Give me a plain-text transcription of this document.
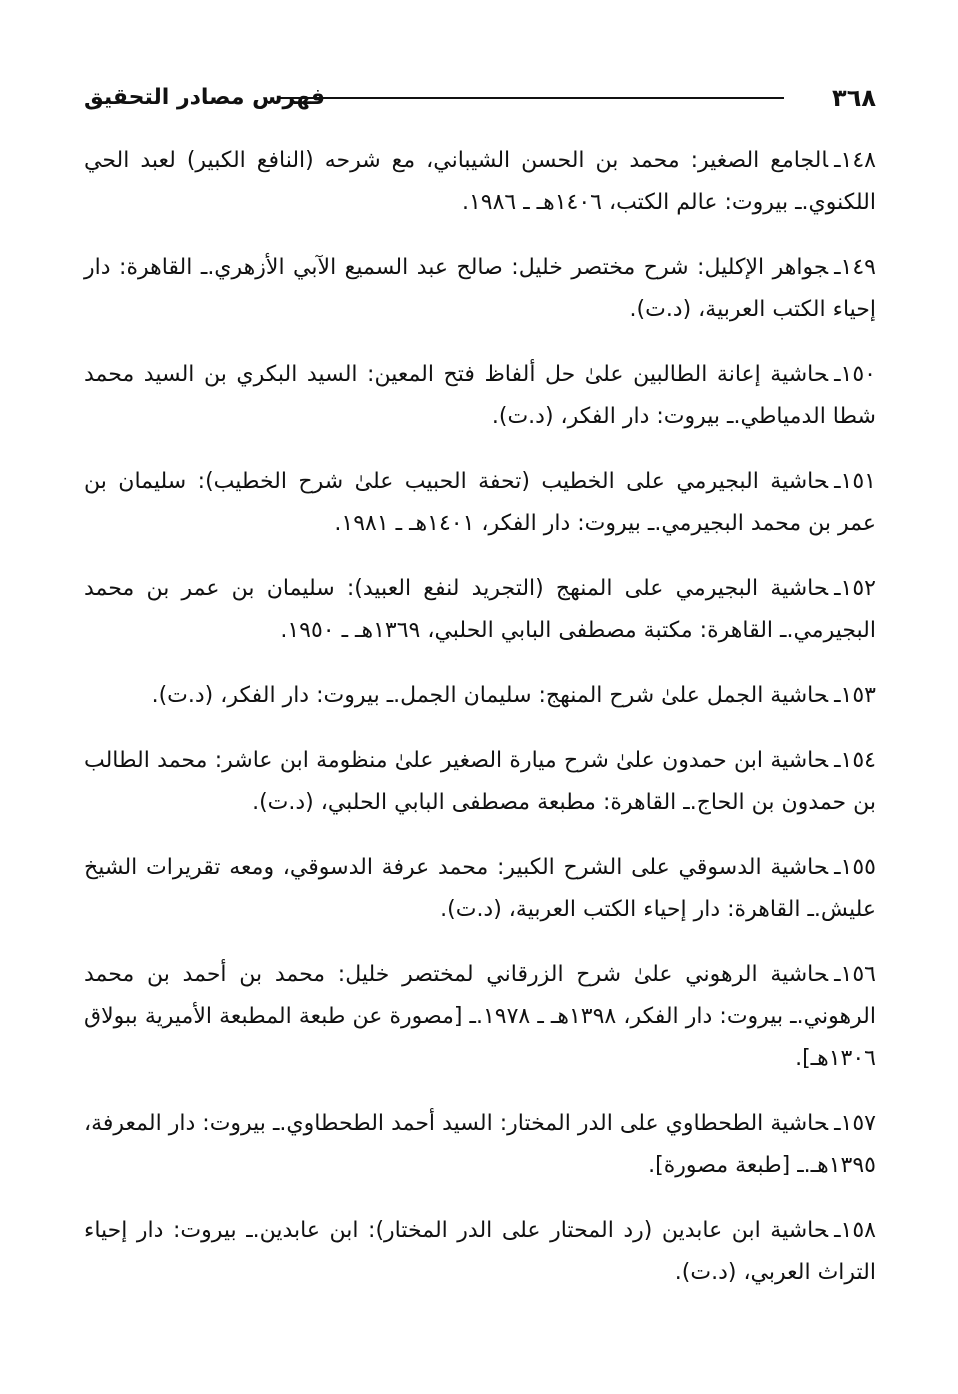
٣٦٨
فهرس مصادر التحقيق

١٤٨ـالجامع الصغير: محمد بن الحسن الشيباني، مع شرحه (النافع الكبير) لعبد الحي اللكنوي.ـ بيروت: عالم الكتب، ١٤٠٦هـ ـ ١٩٨٦.

١٤٩ـجواهر الإكليل: شرح مختصر خليل: صالح عبد السميع الآبي الأزهري.ـ القاهرة: دار إحياء الكتب العربية، (د.ت).

١٥٠ـحاشية إعانة الطالبين علىٰ حل ألفاظ فتح المعين: السيد البكري بن السيد محمد شطا الدمياطي.ـ بيروت: دار الفكر، (د.ت).

١٥١ـحاشية البجيرمي على الخطيب (تحفة الحبيب علىٰ شرح الخطيب): سليمان بن عمر بن محمد البجيرمي.ـ بيروت: دار الفكر، ١٤٠١هـ ـ ١٩٨١.

١٥٢ـحاشية البجيرمي على المنهج (التجريد لنفع العبيد): سليمان بن عمر بن محمد البجيرمي.ـ القاهرة: مكتبة مصطفى البابي الحلبي، ١٣٦٩هـ ـ ١٩٥٠.

١٥٣ـحاشية الجمل علىٰ شرح المنهج: سليمان الجمل.ـ بيروت: دار الفكر، (د.ت).

١٥٤ـحاشية ابن حمدون علىٰ شرح ميارة الصغير علىٰ منظومة ابن عاشر: محمد الطالب بن حمدون بن الحاج.ـ القاهرة: مطبعة مصطفى البابي الحلبي، (د.ت).

١٥٥ـحاشية الدسوقي على الشرح الكبير: محمد عرفة الدسوقي، ومعه تقريرات الشيخ عليش.ـ القاهرة: دار إحياء الكتب العربية، (د.ت).

١٥٦ـحاشية الرهوني علىٰ شرح الزرقاني لمختصر خليل: محمد بن أحمد بن محمد الرهوني.ـ بيروت: دار الفكر، ١٣٩٨هـ ـ ١٩٧٨.ـ [مصورة عن طبعة المطبعة الأميرية ببولاق ١٣٠٦هـ].

١٥٧ـحاشية الطحطاوي على الدر المختار: السيد أحمد الطحطاوي.ـ بيروت: دار المعرفة، ١٣٩٥هـ.ـ [طبعة مصورة].

١٥٨ـحاشية ابن عابدين (رد المحتار على الدر المختار): ابن عابدين.ـ بيروت: دار إحياء التراث العربي، (د.ت).
